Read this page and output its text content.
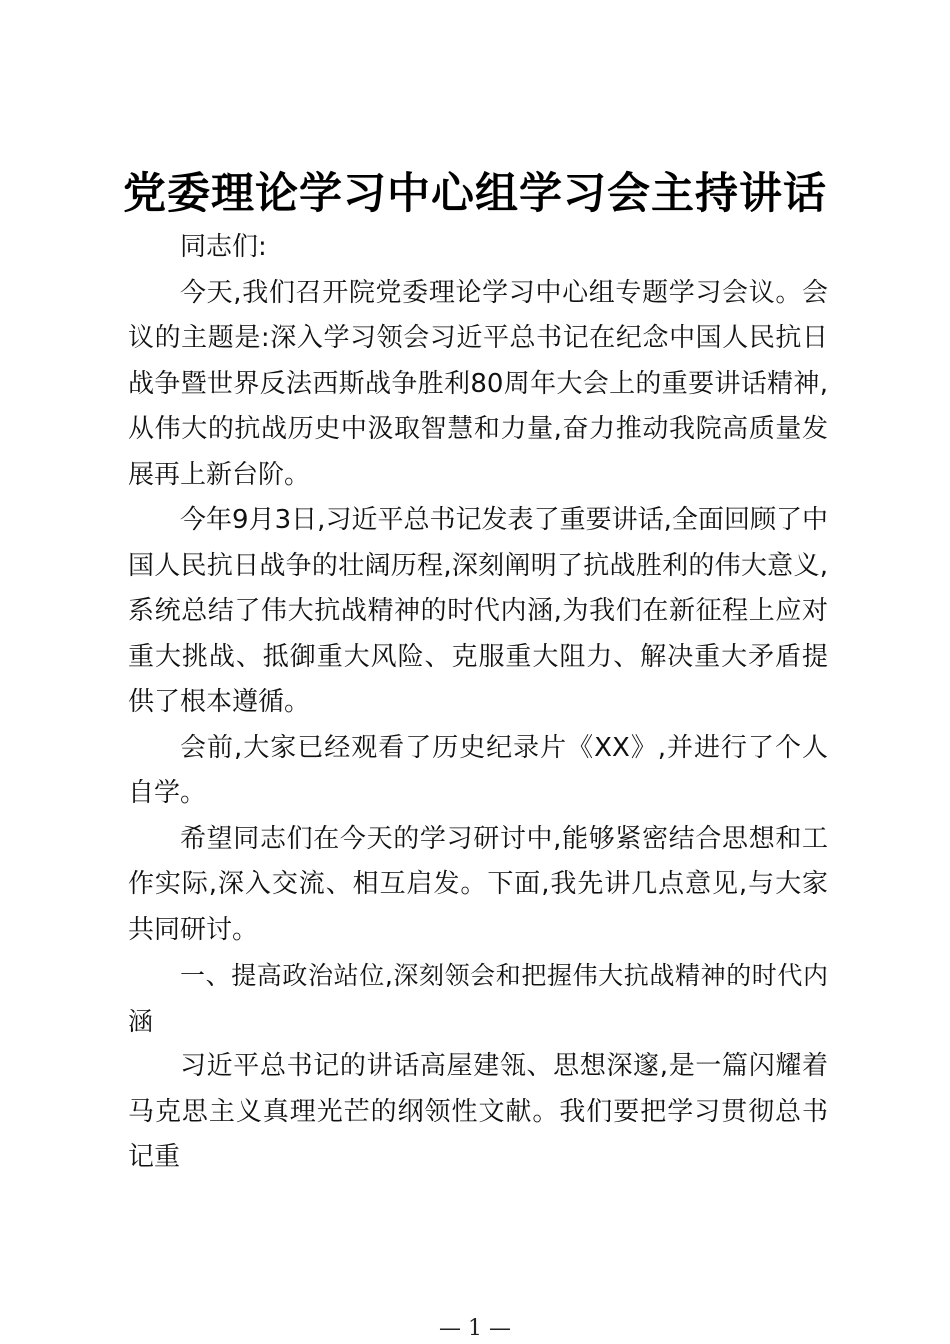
党委理论学习中心组学习会主持讲话

同志们:

今天,我们召开院党委理论学习中心组专题学习会议。会议的主题是:深入学习领会习近平总书记在纪念中国人民抗日战争暨世界反法西斯战争胜利80周年大会上的重要讲话精神,从伟大的抗战历史中汲取智慧和力量,奋力推动我院高质量发展再上新台阶。

今年9月3日,习近平总书记发表了重要讲话,全面回顾了中国人民抗日战争的壮阔历程,深刻阐明了抗战胜利的伟大意义,系统总结了伟大抗战精神的时代内涵,为我们在新征程上应对重大挑战、抵御重大风险、克服重大阻力、解决重大矛盾提供了根本遵循。

会前,大家已经观看了历史纪录片《XX》,并进行了个人自学。

希望同志们在今天的学习研讨中,能够紧密结合思想和工作实际,深入交流、相互启发。下面,我先讲几点意见,与大家共同研讨。

一、提高政治站位,深刻领会和把握伟大抗战精神的时代内涵

习近平总书记的讲话高屋建瓴、思想深邃,是一篇闪耀着马克思主义真理光芒的纲领性文献。我们要把学习贯彻总书记重

— 1 —
